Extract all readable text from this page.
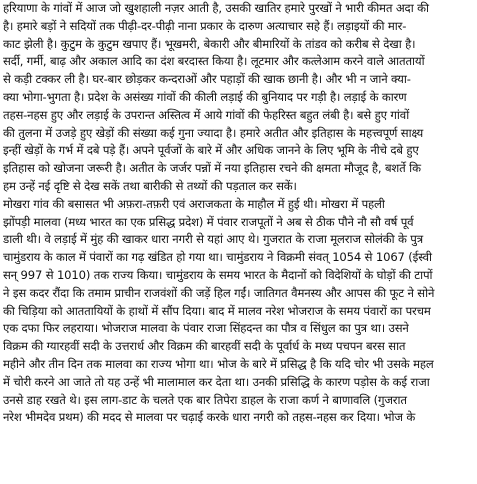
हरियाणा के गांवों में आज जो खुशहाली नज़र आती है, उसकी खातिर हमारे पुरखों ने भारी कीमत अदा की
है। हमारे बड़ों ने सदियों तक पीढ़ी-दर-पीढ़ी नाना प्रकार के दारुण अत्याचार सहे हैं। लड़ाइयों की मार-
काट झेली है। कुटुम के कुटुम खपाए हैं। भूखमरी, बेकारी और बीमारियों के तांडव को करीब से देखा है।
सर्दी, गर्मी, बाढ़ और अकाल आदि का दंश बरदास्त किया है। लूटमार और कत्लेआम करने वाले आततायों
से कड़ी टक्कर ली है। घर-बार छोड़कर कन्दराओं और पहाड़ों की खाक छानी है। और भी न जाने क्या-
क्या भोगा-भुगता है। प्रदेश के असंख्य गांवों की कीली लड़ाई की बुनियाद पर गड़ी है। लड़ाई के कारण
तहस-नहस हुए और लड़ाई के उपरान्त अस्तित्व में आये गांवों की फेहरिस्त बहुत लंबी है। बसे हुए गांवों
की तुलना में उजड़े हुए खेड़ों की संख्या कई गुना ज्यादा है। हमारे अतीत और इतिहास के महत्त्वपूर्ण साक्ष्य
इन्हीं खेड़ों के गर्भ में दबे पड़े हैं। अपने पूर्वजों के बारे में और अधिक जानने के लिए भूमि के नीचे दबे हुए
इतिहास को खोजना जरूरी है। अतीत के जर्जर पन्नों में नया इतिहास रचने की क्षमता मौजूद है, बशर्ते कि
हम उन्हें नई दृष्टि से देख सकें तथा बारीकी से तथ्यों की पड़ताल कर सकें।
मोखरा गांव की बसासत भी अफ़रा-तफ़री एवं अराजकता के माहौल में हुई थी। मोखरा में पहली
झोंपड़ी मालवा (मध्य भारत का एक प्रसिद्ध प्रदेश) में पंवार राजपूतों ने अब से ठीक पौने नौ सौ वर्ष पूर्व
डाली थी। वे लड़ाई में मुंह की खाकर धारा नगरी से यहां आए थे। गुजरात के राजा मूलराज सोलंकी के पुत्र
चामुंडराय के काल में पंवारों का गढ़ खंडित हो गया था। चामुंडराय ने विक्रमी संवत् 1054 से 1067 (ईस्वी
सन् 997 से 1010) तक राज्य किया। चामुंडराय के समय भारत के मैदानों को विदेशियों के घोड़ों की टापों
ने इस कदर रौंदा कि तमाम प्राचीन राजवंशों की जड़ें हिल गईं। जातिगत वैमनस्य और आपस की फूट ने सोने
की चिड़िया को आततायियों के हाथों में सौंप दिया। बाद में मालव नरेश भोजराज के समय पंवारों का परचम
एक दफा फिर लहराया। भोजराज मालवा के पंवार राजा सिंहदन्त का पौत्र व सिंधुल का पुत्र था। उसने
विक्रम की ग्यारहवीं सदी के उत्तरार्ध और विक्रम की बारहवीं सदी के पूर्वार्ध के मध्य पचपन बरस सात
महीने और तीन दिन तक मालवा का राज्य भोगा था। भोज के बारे में प्रसिद्ध है कि यदि चोर भी उसके महल
में चोरी करने आ जाते तो यह उन्हें भी मालामाल कर देता था। उनकी प्रसिद्धि के कारण पड़ोस के कई राजा
उनसे डाह रखते थे। इस लाग-डाट के चलते एक बार तिपेरा डाहल के राजा कर्ण ने बाणावलि (गुजरात
नरेश भीमदेव प्रथम) की मदद से मालवा पर चढ़ाई करके धारा नगरी को तहस-नहस कर दिया। भोज के
